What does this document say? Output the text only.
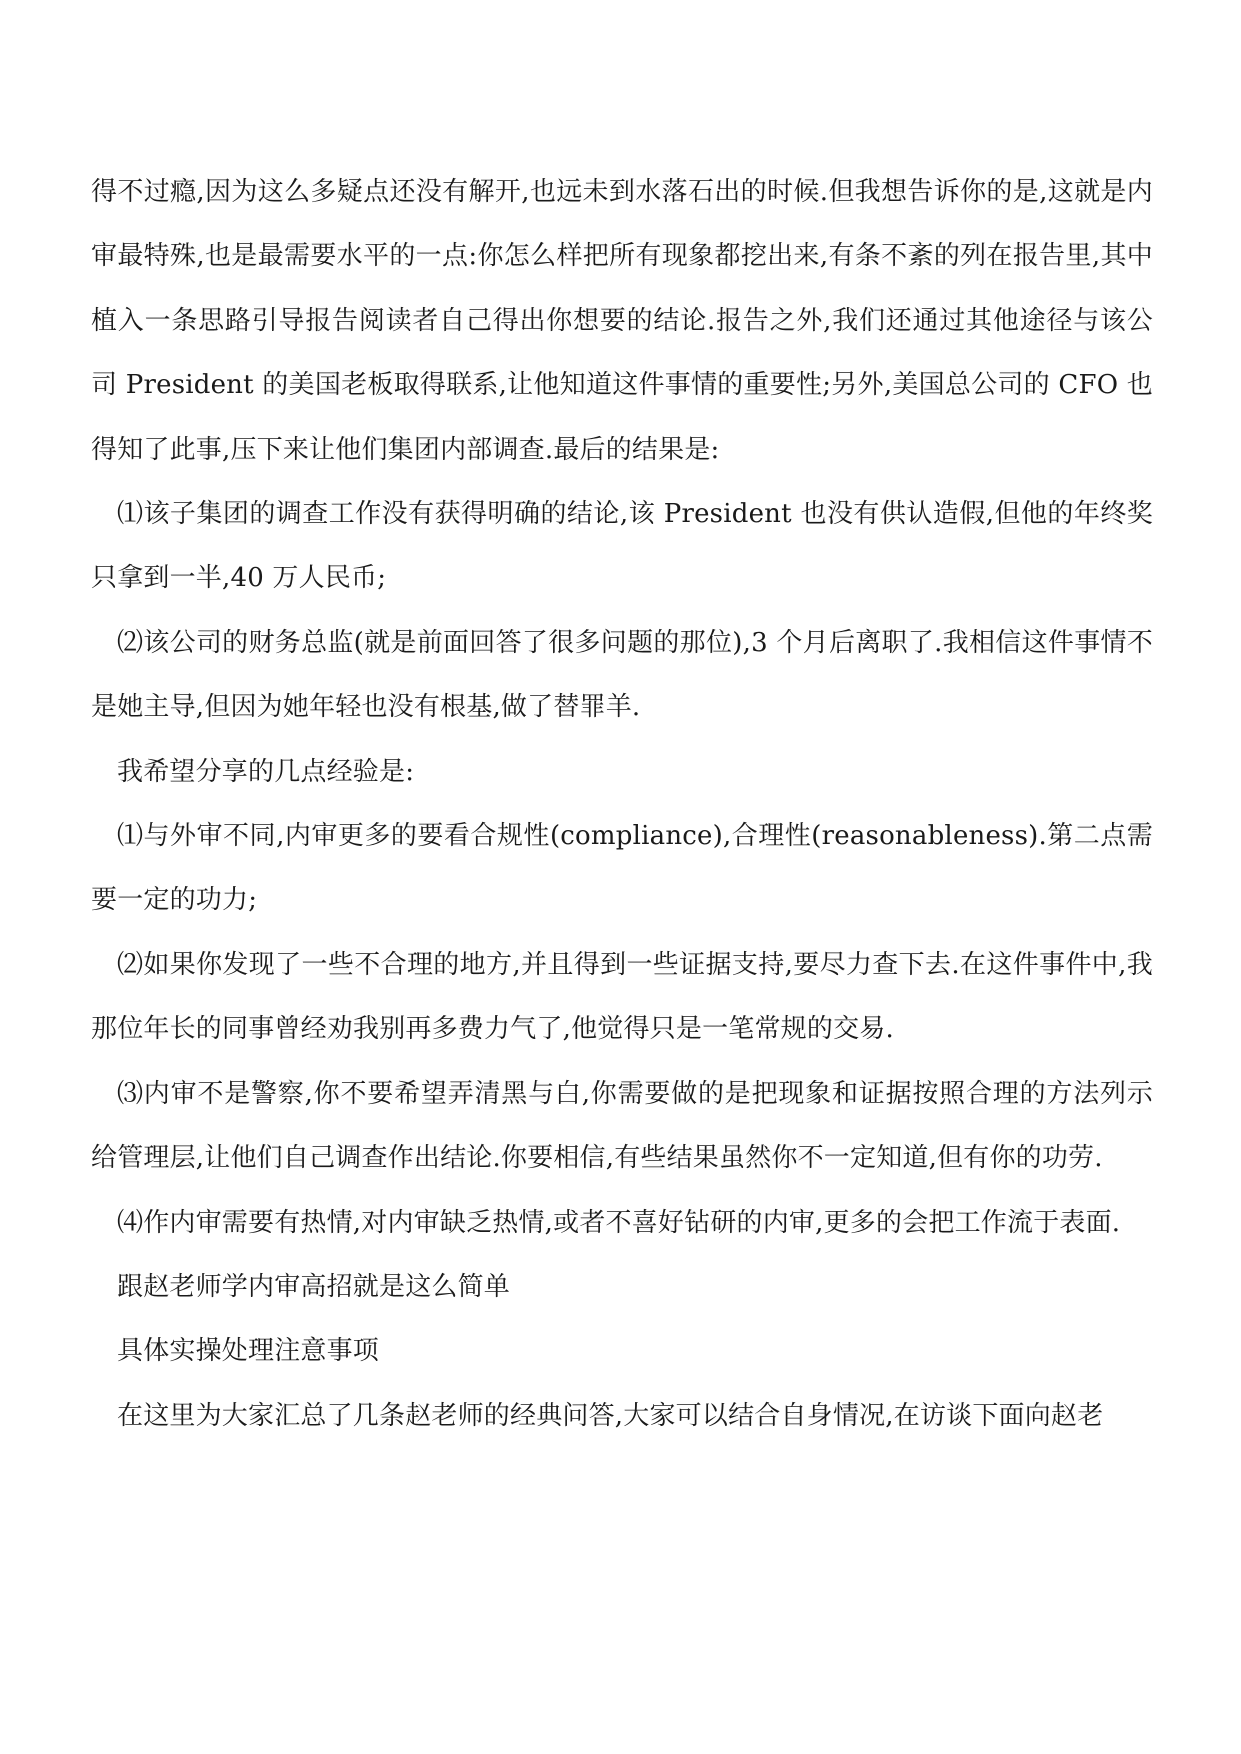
得不过瘾,因为这么多疑点还没有解开,也远未到水落石出的时候.但我想告诉你的是,这就是内审最特殊,也是最需要水平的一点:你怎么样把所有现象都挖出来,有条不紊的列在报告里,其中植入一条思路引导报告阅读者自己得出你想要的结论.报告之外,我们还通过其他途径与该公司 President 的美国老板取得联系,让他知道这件事情的重要性;另外,美国总公司的 CFO 也得知了此事,压下来让他们集团内部调查.最后的结果是:

⑴该子集团的调查工作没有获得明确的结论,该 President 也没有供认造假,但他的年终奖只拿到一半,40 万人民币;

⑵该公司的财务总监(就是前面回答了很多问题的那位),3 个月后离职了.我相信这件事情不是她主导,但因为她年轻也没有根基,做了替罪羊.

我希望分享的几点经验是:

⑴与外审不同,内审更多的要看合规性(compliance),合理性(reasonableness).第二点需要一定的功力;

⑵如果你发现了一些不合理的地方,并且得到一些证据支持,要尽力查下去.在这件事件中,我那位年长的同事曾经劝我别再多费力气了,他觉得只是一笔常规的交易.

⑶内审不是警察,你不要希望弄清黑与白,你需要做的是把现象和证据按照合理的方法列示给管理层,让他们自己调查作出结论.你要相信,有些结果虽然你不一定知道,但有你的功劳.

⑷作内审需要有热情,对内审缺乏热情,或者不喜好钻研的内审,更多的会把工作流于表面.

跟赵老师学内审高招就是这么简单

具体实操处理注意事项

在这里为大家汇总了几条赵老师的经典问答,大家可以结合自身情况,在访谈下面向赵老
